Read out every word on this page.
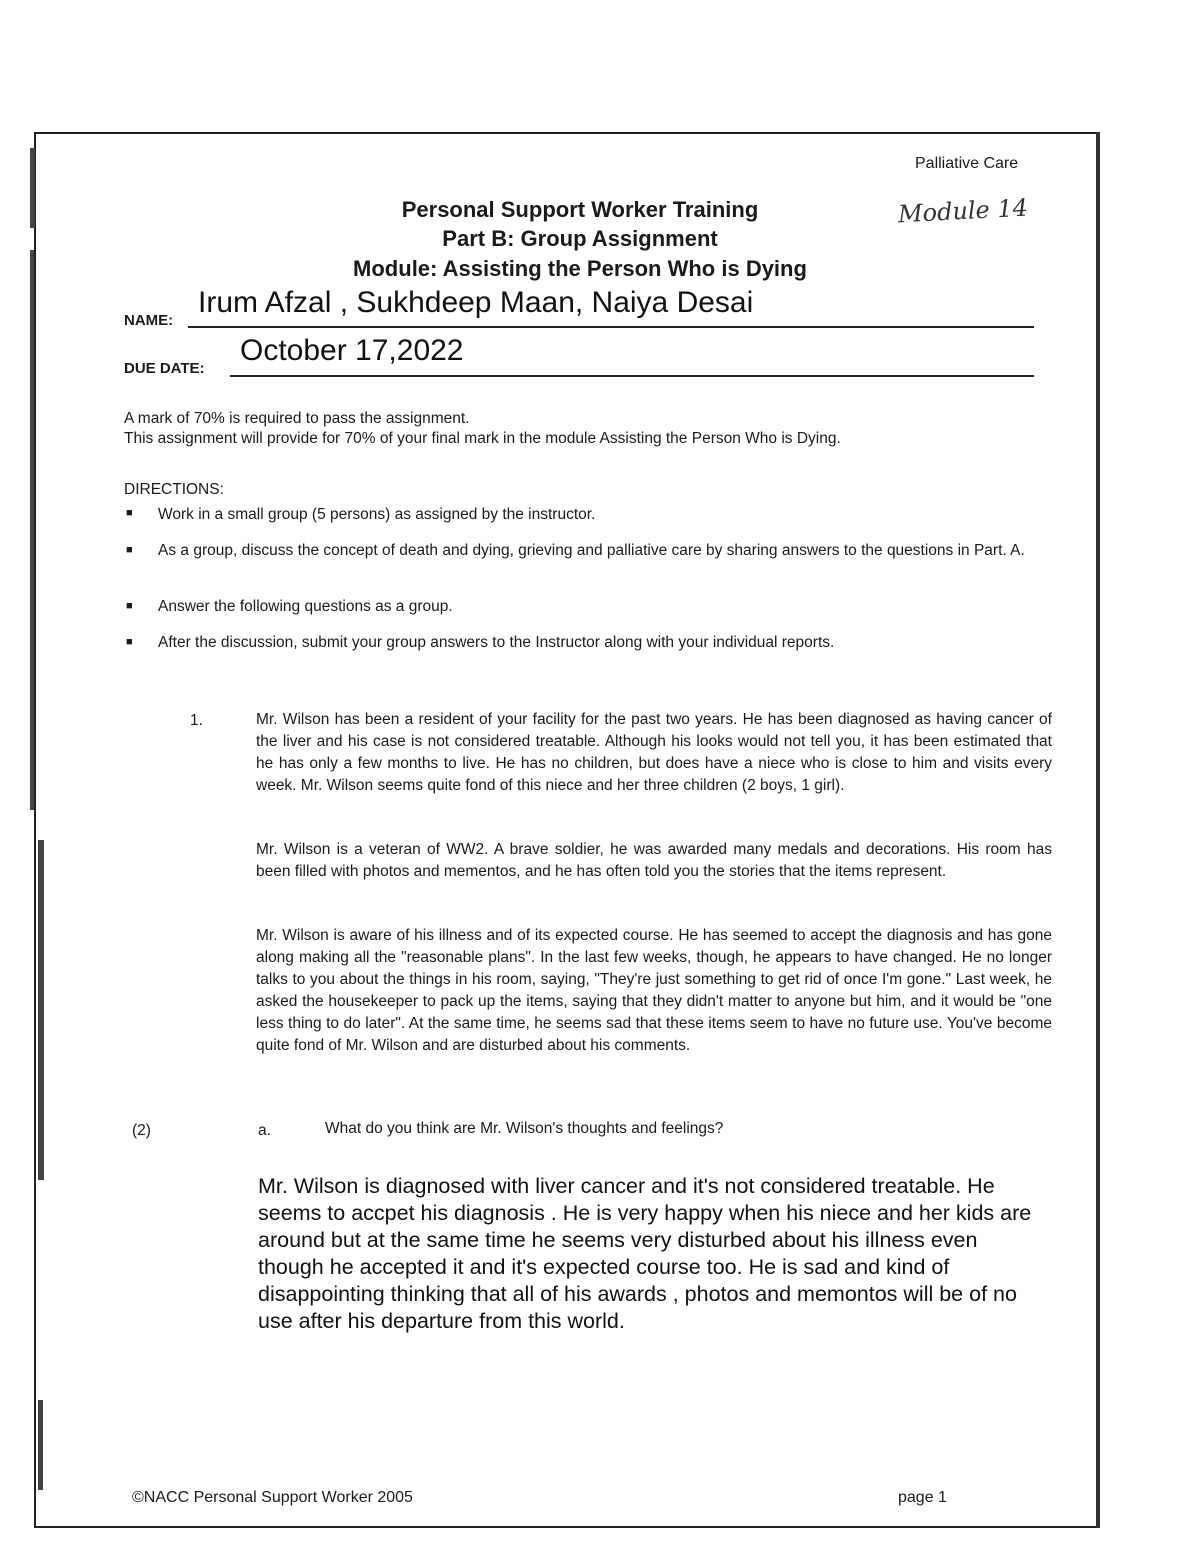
Palliative Care
Module 14
Personal Support Worker Training
Part B: Group Assignment
Module: Assisting the Person Who is Dying
NAME:
Irum Afzal , Sukhdeep Maan, Naiya Desai
DUE DATE:
October 17,2022
A mark of 70% is required to pass the assignment.
This assignment will provide for 70% of your final mark in the module Assisting the Person Who is Dying.
DIRECTIONS:
■ Work in a small group (5 persons) as assigned by the instructor.
■ As a group, discuss the concept of death and dying, grieving and palliative care by sharing answers to the questions in Part. A.
■ Answer the following questions as a group.
■ After the discussion, submit your group answers to the Instructor along with your individual reports.
1.	Mr. Wilson has been a resident of your facility for the past two years. He has been diagnosed as having cancer of the liver and his case is not considered treatable. Although his looks would not tell you, it has been estimated that he has only a few months to live. He has no children, but does have a niece who is close to him and visits every week. Mr. Wilson seems quite fond of this niece and her three children (2 boys, 1 girl).
Mr. Wilson is a veteran of WW2. A brave soldier, he was awarded many medals and decorations. His room has been filled with photos and mementos, and he has often told you the stories that the items represent.
Mr. Wilson is aware of his illness and of its expected course. He has seemed to accept the diagnosis and has gone along making all the "reasonable plans". In the last few weeks, though, he appears to have changed. He no longer talks to you about the things in his room, saying, "They're just something to get rid of once I'm gone." Last week, he asked the housekeeper to pack up the items, saying that they didn't matter to anyone but him, and it would be "one less thing to do later". At the same time, he seems sad that these items seem to have no future use. You've become quite fond of Mr. Wilson and are disturbed about his comments.
(2)	a.	What do you think are Mr. Wilson's thoughts and feelings?
Mr. Wilson is diagnosed with liver cancer and it's not considered treatable. He seems to accpet his diagnosis . He is very happy when his niece and her kids are around but at the same time he seems very disturbed about his illness even though he accepted it and it's expected course too. He is sad and kind of disappointing thinking that all of his awards , photos and memontos will be of no use after his departure from this world.
©NACC Personal Support Worker 2005	page 1
